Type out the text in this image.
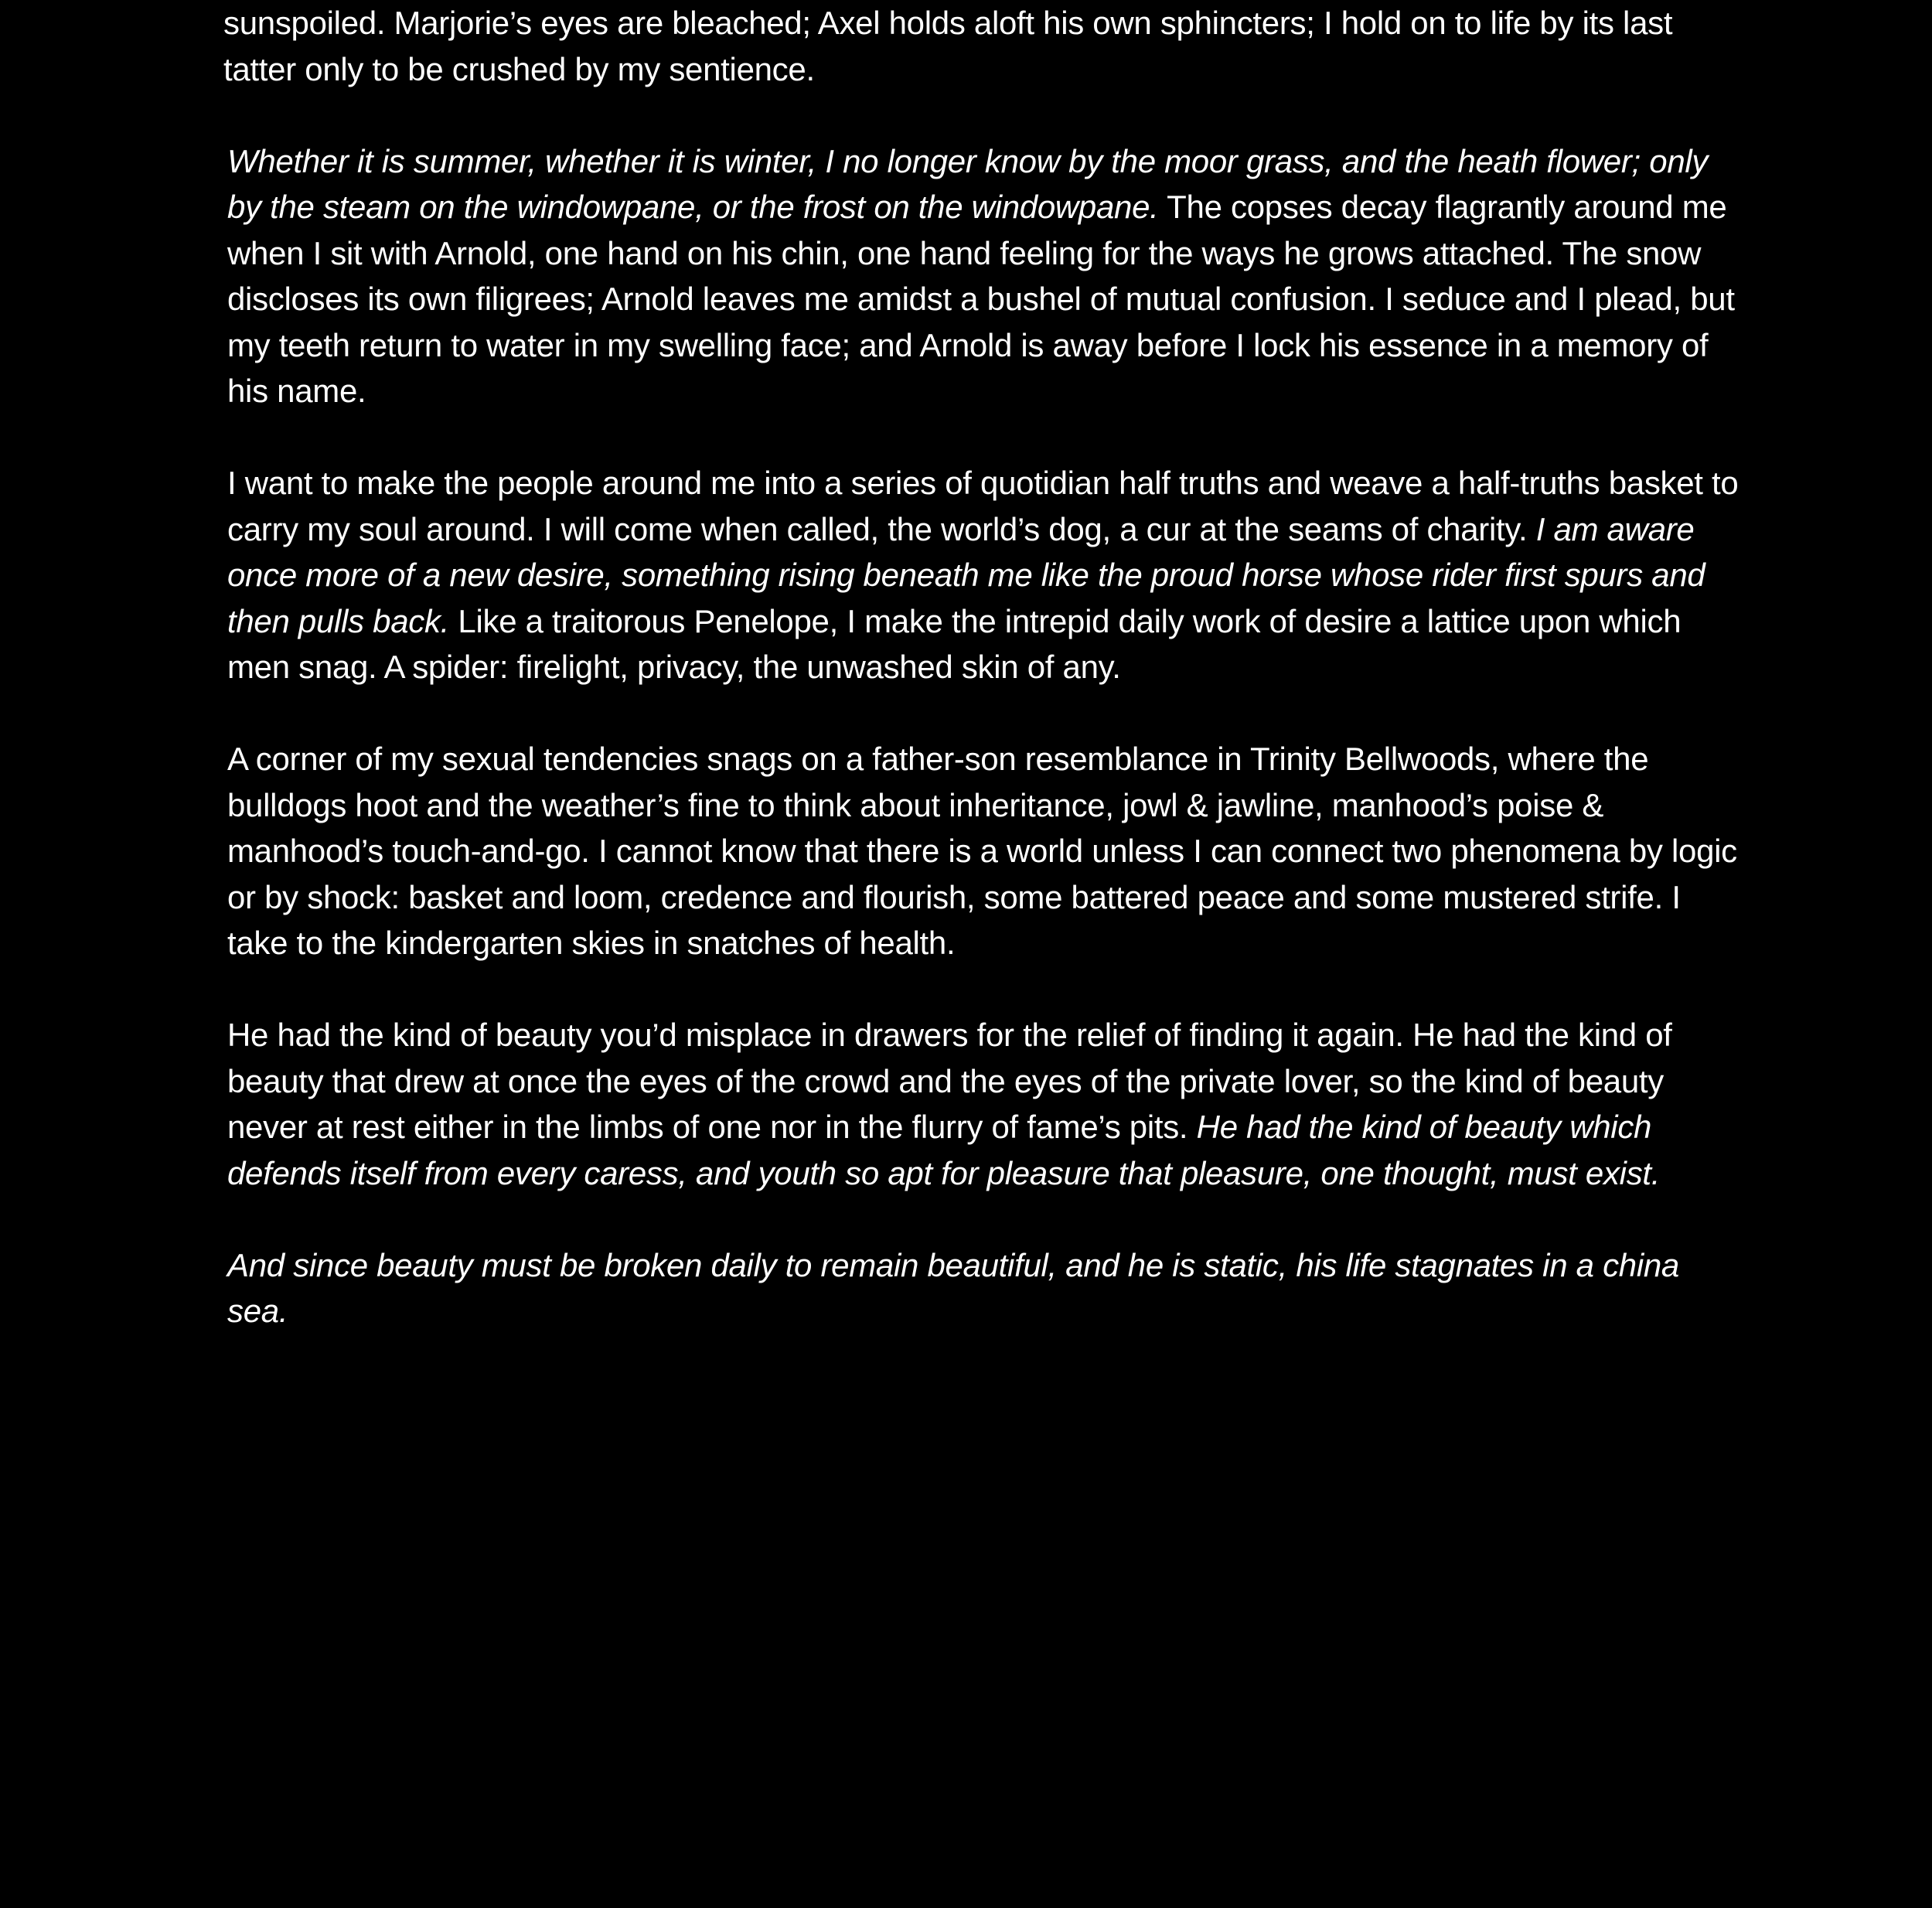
sunspoiled. Marjorie’s eyes are bleached; Axel holds aloft his own sphincters; I hold on to life by its last tatter only to be crushed by my sentience.

Whether it is summer, whether it is winter, I no longer know by the moor grass, and the heath flower; only by the steam on the windowpane, or the frost on the windowpane. The copses decay flagrantly around me when I sit with Arnold, one hand on his chin, one hand feeling for the ways he grows attached. The snow discloses its own filigrees; Arnold leaves me amidst a bushel of mutual confusion. I seduce and I plead, but my teeth return to water in my swelling face; and Arnold is away before I lock his essence in a memory of his name.

I want to make the people around me into a series of quotidian half truths and weave a half-truths basket to carry my soul around. I will come when called, the world’s dog, a cur at the seams of charity. I am aware once more of a new desire, something rising beneath me like the proud horse whose rider first spurs and then pulls back. Like a traitorous Penelope, I make the intrepid daily work of desire a lattice upon which men snag. A spider: firelight, privacy, the unwashed skin of any.

A corner of my sexual tendencies snags on a father-son resemblance in Trinity Bellwoods, where the bulldogs hoot and the weather’s fine to think about inheritance, jowl & jawline, manhood’s poise & manhood’s touch-and-go. I cannot know that there is a world unless I can connect two phenomena by logic or by shock: basket and loom, credence and flourish, some battered peace and some mustered strife. I take to the kindergarten skies in snatches of health.

He had the kind of beauty you’d misplace in drawers for the relief of finding it again. He had the kind of beauty that drew at once the eyes of the crowd and the eyes of the private lover, so the kind of beauty never at rest either in the limbs of one nor in the flurry of fame’s pits. He had the kind of beauty which defends itself from every caress, and youth so apt for pleasure that pleasure, one thought, must exist.

And since beauty must be broken daily to remain beautiful, and he is static, his life stagnates in a china sea.
